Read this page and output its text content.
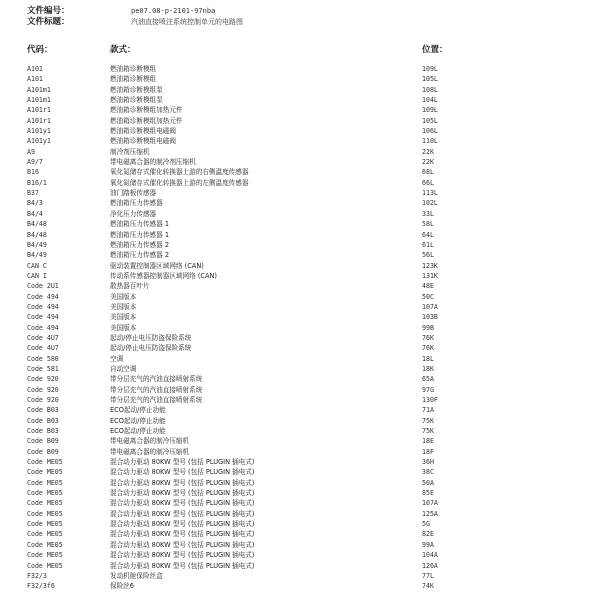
文件编号：	pe07.08-p-2101-97nba
文件标题：	汽油直接喷注系统控制单元的电路图
代码：	款式：	位置：
A101	燃油箱诊断模组	109L
A101	燃油箱诊断模组	105L
A101m1	燃油箱诊断模组泵	108L
A101m1	燃油箱诊断模组泵	104L
A101r1	燃油箱诊断模组加热元件	109L
A101r1	燃油箱诊断模组加热元件	105L
A101y1	燃油箱诊断模组电磁阀	106L
A101y1	燃油箱诊断模组电磁阀	110L
A9	制冷剂压缩机	22K
A9/7	带电磁离合器的制冷剂压缩机	22K
B16	氧化氮储存式催化转换器上游的右侧温度传感器	68L
B16/1	氧化氮储存式催化转换器上游的左侧温度传感器	66L
B37	油门踏板传感器	113L
B4/3	燃油箱压力传感器	102L
B4/4	净化压力传感器	33L
B4/48	燃油箱压力传感器 1	58L
B4/48	燃油箱压力传感器 1	64L
B4/49	燃油箱压力传感器 2	61L
B4/49	燃油箱压力传感器 2	56L
CAN C	驱动装置控制器区域网络 (CAN)	123K
CAN I	传动系传感器控制器区域网络 (CAN)	131K
Code 2U1	散热器百叶片	48E
Code 494	美国版本	50C
Code 494	美国版本	107A
Code 494	美国版本	103B
Code 494	美国版本	99B
Code 4U7	起动/停止电压防盗保险系统	76K
Code 4U7	起动/停止电压防盗保险系统	76K
Code 580	空调	18L
Code 581	自动空调	18K
Code 920	带分层充气的汽油直接喷射系统	65A
Code 920	带分层充气的汽油直接喷射系统	97G
Code 920	带分层充气的汽油直接喷射系统	130F
Code B03	ECO起动/停止功能	71A
Code B03	ECO起动/停止功能	75K
Code B03	ECO起动/停止功能	75K
Code B09	带电磁离合器的制冷压缩机	18E
Code B09	带电磁离合器的制冷压缩机	18F
Code ME05	混合动力驱动 80KW 型号 (包括 PLUGIN 插电式)	36H
Code ME05	混合动力驱动 80KW 型号 (包括 PLUGIN 插电式)	38C
Code ME05	混合动力驱动 80KW 型号 (包括 PLUGIN 插电式)	50A
Code ME05	混合动力驱动 80KW 型号 (包括 PLUGIN 插电式)	85E
Code ME05	混合动力驱动 80KW 型号 (包括 PLUGIN 插电式)	107A
Code ME05	混合动力驱动 80KW 型号 (包括 PLUGIN 插电式)	125A
Code ME05	混合动力驱动 80KW 型号 (包括 PLUGIN 插电式)	5G
Code ME05	混合动力驱动 80KW 型号 (包括 PLUGIN 插电式)	82E
Code ME05	混合动力驱动 80KW 型号 (包括 PLUGIN 插电式)	99A
Code ME05	混合动力驱动 80KW 型号 (包括 PLUGIN 插电式)	104A
Code ME05	混合动力驱动 80KW 型号 (包括 PLUGIN 插电式)	126A
F32/3	发动机舱保险丝盒	77L
F32/3f6	保险丝6	74K
